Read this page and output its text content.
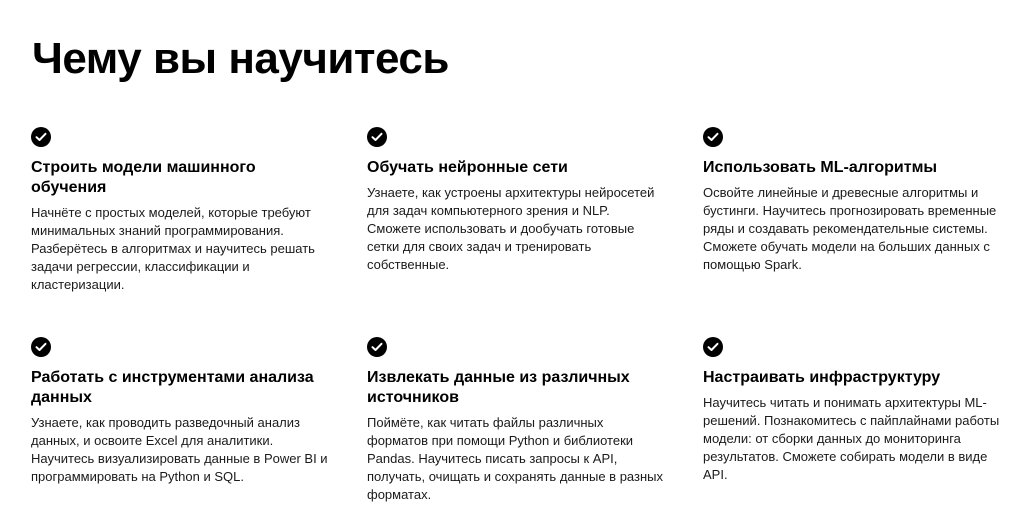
Чему вы научитесь
Строить модели машинного обучения

Начнёте с простых моделей, которые требуют минимальных знаний программирования. Разберётесь в алгоритмах и научитесь решать задачи регрессии, классификации и кластеризации.

Обучать нейронные сети

Узнаете, как устроены архитектуры нейросетей для задач компьютерного зрения и NLP. Сможете использовать и дообучать готовые сетки для своих задач и тренировать собственные.

Использовать ML-алгоритмы

Освойте линейные и древесные алгоритмы и бустинги. Научитесь прогнозировать временные ряды и создавать рекомендательные системы. Сможете обучать модели на больших данных с помощью Spark.

Работать с инструментами анализа данных

Узнаете, как проводить разведочный анализ данных, и освоите Excel для аналитики. Научитесь визуализировать данные в Power BI и программировать на Python и SQL.

Извлекать данные из различных источников

Поймёте, как читать файлы различных форматов при помощи Python и библиотеки Pandas. Научитесь писать запросы к API, получать, очищать и сохранять данные в разных форматах.

Настраивать инфраструктуру

Научитесь читать и понимать архитектуры ML-решений. Познакомитесь с пайплайнами работы модели: от сборки данных до мониторинга результатов. Сможете собирать модели в виде API.
